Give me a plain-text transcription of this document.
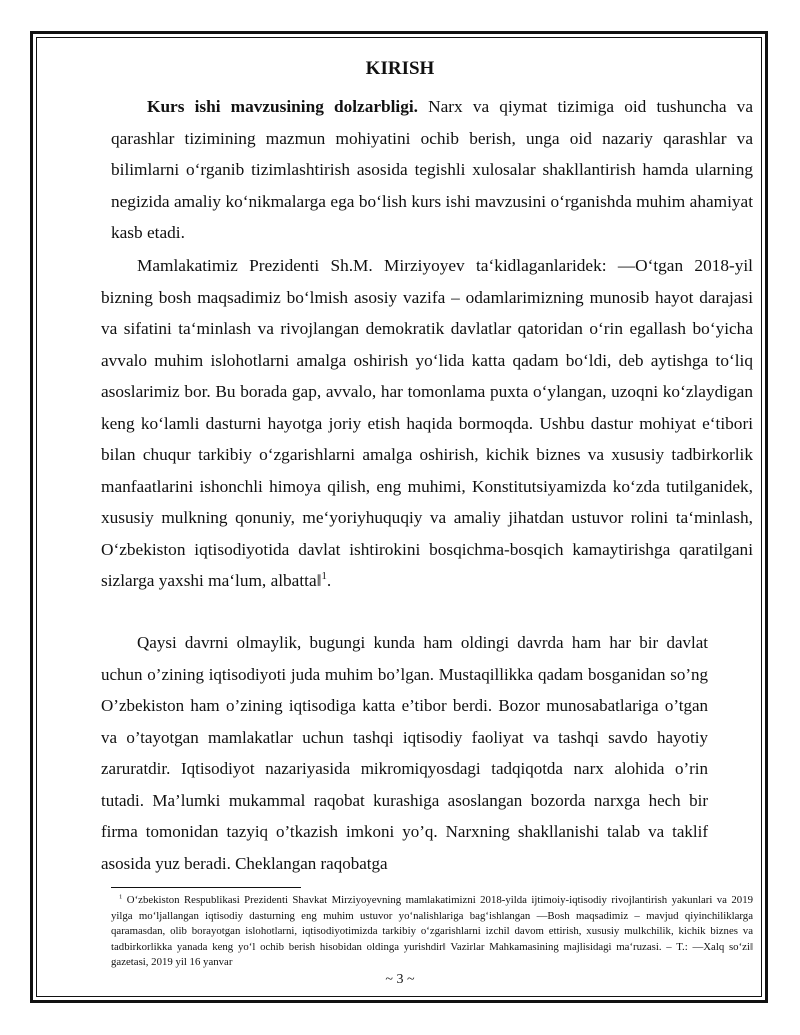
KIRISH

Kurs ishi mavzusining dolzarbligi. Narx va qiymat tizimiga oid tushuncha va qarashlar tizimining mazmun mohiyatini ochib berish, unga oid nazariy qarashlar va bilimlarni o‘rganib tizimlashtirish asosida tegishli xulosalar shakllantirish hamda ularning negizida amaliy ko‘nikmalarga ega bo‘lish kurs ishi mavzusini o‘rganishda muhim ahamiyat kasb etadi.

Mamlakatimiz Prezidenti Sh.M. Mirziyoyev ta‘kidlaganlaridek: ―O‘tgan 2018-yil bizning bosh maqsadimiz bo‘lmish asosiy vazifa – odamlarimizning munosib hayot darajasi va sifatini ta‘minlash va rivojlangan demokratik davlatlar qatoridan o‘rin egallash bo‘yicha avvalo muhim islohotlarni amalga oshirish yo‘lida katta qadam bo‘ldi, deb aytishga to‘liq asoslarimiz bor. Bu borada gap, avvalo, har tomonlama puxta o‘ylangan, uzoqni ko‘zlaydigan keng ko‘lamli dasturni hayotga joriy etish haqida bormoqda. Ushbu dastur mohiyat e‘tibori bilan chuqur tarkibiy o‘zgarishlarni amalga oshirish, kichik biznes va xususiy tadbirkorlik manfaatlarini ishonchli himoya qilish, eng muhimi, Konstitutsiyamizda ko‘zda tutilganidek, xususiy mulkning qonuniy, me‘yoriyhuquqiy va amaliy jihatdan ustuvor rolini ta‘minlash, O‘zbekiston iqtisodiyotida davlat ishtirokini bosqichma-bosqich kamaytirishga qaratilgani sizlarga yaxshi ma‘lum, albatta‖$^1$.

Qaysi davrni olmaylik, bugungi kunda ham oldingi davrda ham har bir davlat uchun o’zining iqtisodiyoti juda muhim bo’lgan. Mustaqillikka qadam bosganidan so’ng O’zbekiston ham o’zining iqtisodiga katta e’tibor berdi. Bozor munosabatlariga o’tgan va o’tayotgan mamlakatlar uchun tashqi iqtisodiy faoliyat va tashqi savdo hayotiy zaruratdir. Iqtisodiyot nazariyasida mikromiqyosdagi tadqiqotda narx alohida o’rin tutadi. Ma’lumki mukammal raqobat kurashiga asoslangan bozorda narxga hech bir firma tomonidan tazyiq o’tkazish imkoni yo’q. Narxning shakllanishi talab va taklif asosida yuz beradi. Cheklangan raqobatga

$^1$ O‘zbekiston Respublikasi Prezidenti Shavkat Mirziyoyevning mamlakatimizni 2018-yilda ijtimoiy-iqtisodiy rivojlantirish yakunlari va 2019 yilga mo‘ljallangan iqtisodiy dasturning eng muhim ustuvor yo‘nalishlariga bag‘ishlangan ―Bosh maqsadimiz – mavjud qiyinchiliklarga qaramasdan, olib borayotgan islohotlarni, iqtisodiyotimizda tarkibiy o‘zgarishlarni izchil davom ettirish, xususiy mulkchilik, kichik biznes va tadbirkorlikka yanada keng yo‘l ochib berish hisobidan oldinga yurishdir‖ Vazirlar Mahkamasining majlisidagi ma‘ruzasi. – T.: ―Xalq so‘zi‖ gazetasi, 2019 yil 16 yanvar

~ 3 ~
